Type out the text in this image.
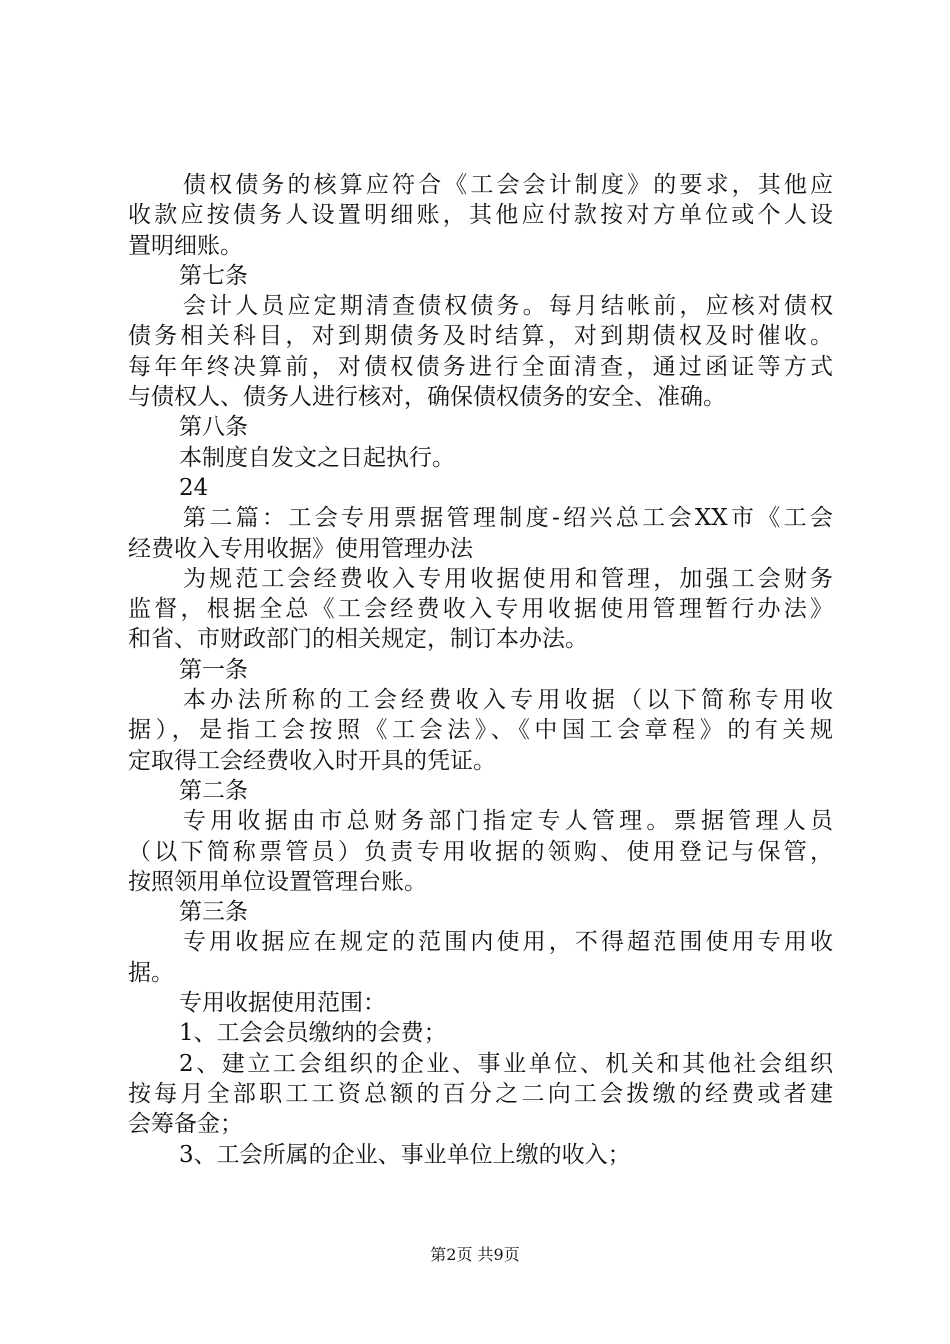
债权债务的核算应符合《工会会计制度》的要求，其他应
收款应按债务人设置明细账，其他应付款按对方单位或个人设
置明细账。
第七条
会计人员应定期清查债权债务。每月结帐前，应核对债权
债务相关科目，对到期债务及时结算，对到期债权及时催收。
每年年终决算前，对债权债务进行全面清查，通过函证等方式
与债权人、债务人进行核对，确保债权债务的安全、准确。
第八条
本制度自发文之日起执行。
24
第二篇：工会专用票据管理制度-绍兴总工会XX市《工会
经费收入专用收据》使用管理办法
为规范工会经费收入专用收据使用和管理，加强工会财务
监督，根据全总《工会经费收入专用收据使用管理暂行办法》
和省、市财政部门的相关规定，制订本办法。
第一条
本办法所称的工会经费收入专用收据（以下简称专用收
据），是指工会按照《工会法》、《中国工会章程》的有关规
定取得工会经费收入时开具的凭证。
第二条
专用收据由市总财务部门指定专人管理。票据管理人员
（以下简称票管员）负责专用收据的领购、使用登记与保管，
按照领用单位设置管理台账。
第三条
专用收据应在规定的范围内使用，不得超范围使用专用收
据。
专用收据使用范围：
1、工会会员缴纳的会费；
2、建立工会组织的企业、事业单位、机关和其他社会组织
按每月全部职工工资总额的百分之二向工会拨缴的经费或者建
会筹备金；
3、工会所属的企业、事业单位上缴的收入；
第2页 共9页
